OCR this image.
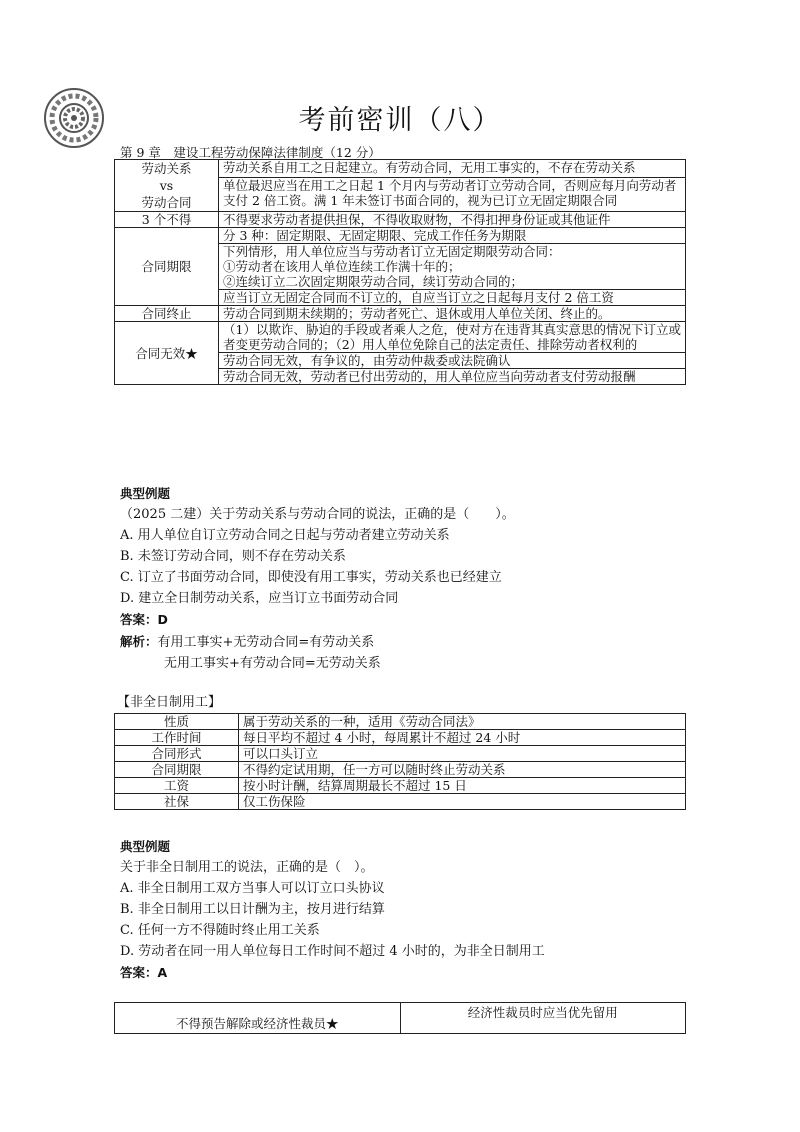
考前密训（八）
第 9 章　建设工程劳动保障法律制度（12 分）
劳动关系
vs
劳动合同	劳动关系自用工之日起建立。有劳动合同，无用工事实的，不存在劳动关系
	单位最迟应当在用工之日起 1 个月内与劳动者订立劳动合同，否则应每月向劳动者支付 2 倍工资。满 1 年未签订书面合同的，视为已订立无固定期限合同

3 个不得	不得要求劳动者提供担保，不得收取财物，不得扣押身份证或其他证件

合同期限	分 3 种：固定期限、无固定期限、完成工作任务为期限
	下列情形，用人单位应当与劳动者订立无固定期限劳动合同：
①劳动者在该用人单位连续工作满十年的；
②连续订立二次固定期限劳动合同，续订劳动合同的；
	应当订立无固定合同而不订立的，自应当订立之日起每月支付 2 倍工资

合同终止	劳动合同到期未续期的；劳动者死亡、退休或用人单位关闭、终止的。

合同无效★	（1）以欺诈、胁迫的手段或者乘人之危，使对方在违背其真实意思的情况下订立或者变更劳动合同的；（2）用人单位免除自己的法定责任、排除劳动者权利的
	劳动合同无效，有争议的，由劳动仲裁委或法院确认
	劳动合同无效，劳动者已付出劳动的，用人单位应当向劳动者支付劳动报酬
典型例题
（2025 二建）关于劳动关系与劳动合同的说法，正确的是（　　）。
A. 用人单位自订立劳动合同之日起与劳动者建立劳动关系
B. 未签订劳动合同，则不存在劳动关系
C. 订立了书面劳动合同，即使没有用工事实，劳动关系也已经建立
D. 建立全日制劳动关系，应当订立书面劳动合同
答案：D
解析：有用工事实+无劳动合同=有劳动关系
无用工事实+有劳动合同=无劳动关系
【非全日制用工】
性质	属于劳动关系的一种，适用《劳动合同法》
工作时间	每日平均不超过 4 小时，每周累计不超过 24 小时
合同形式	可以口头订立
合同期限	不得约定试用期，任一方可以随时终止劳动关系
工资	按小时计酬，结算周期最长不超过 15 日
社保	仅工伤保险
典型例题
关于非全日制用工的说法，正确的是（　）。
A. 非全日制用工双方当事人可以订立口头协议
B. 非全日制用工以日计酬为主，按月进行结算
C. 任何一方不得随时终止用工关系
D. 劳动者在同一用人单位每日工作时间不超过 4 小时的，为非全日制用工
答案：A
不得预告解除或经济性裁员★	经济性裁员时应当优先留用
